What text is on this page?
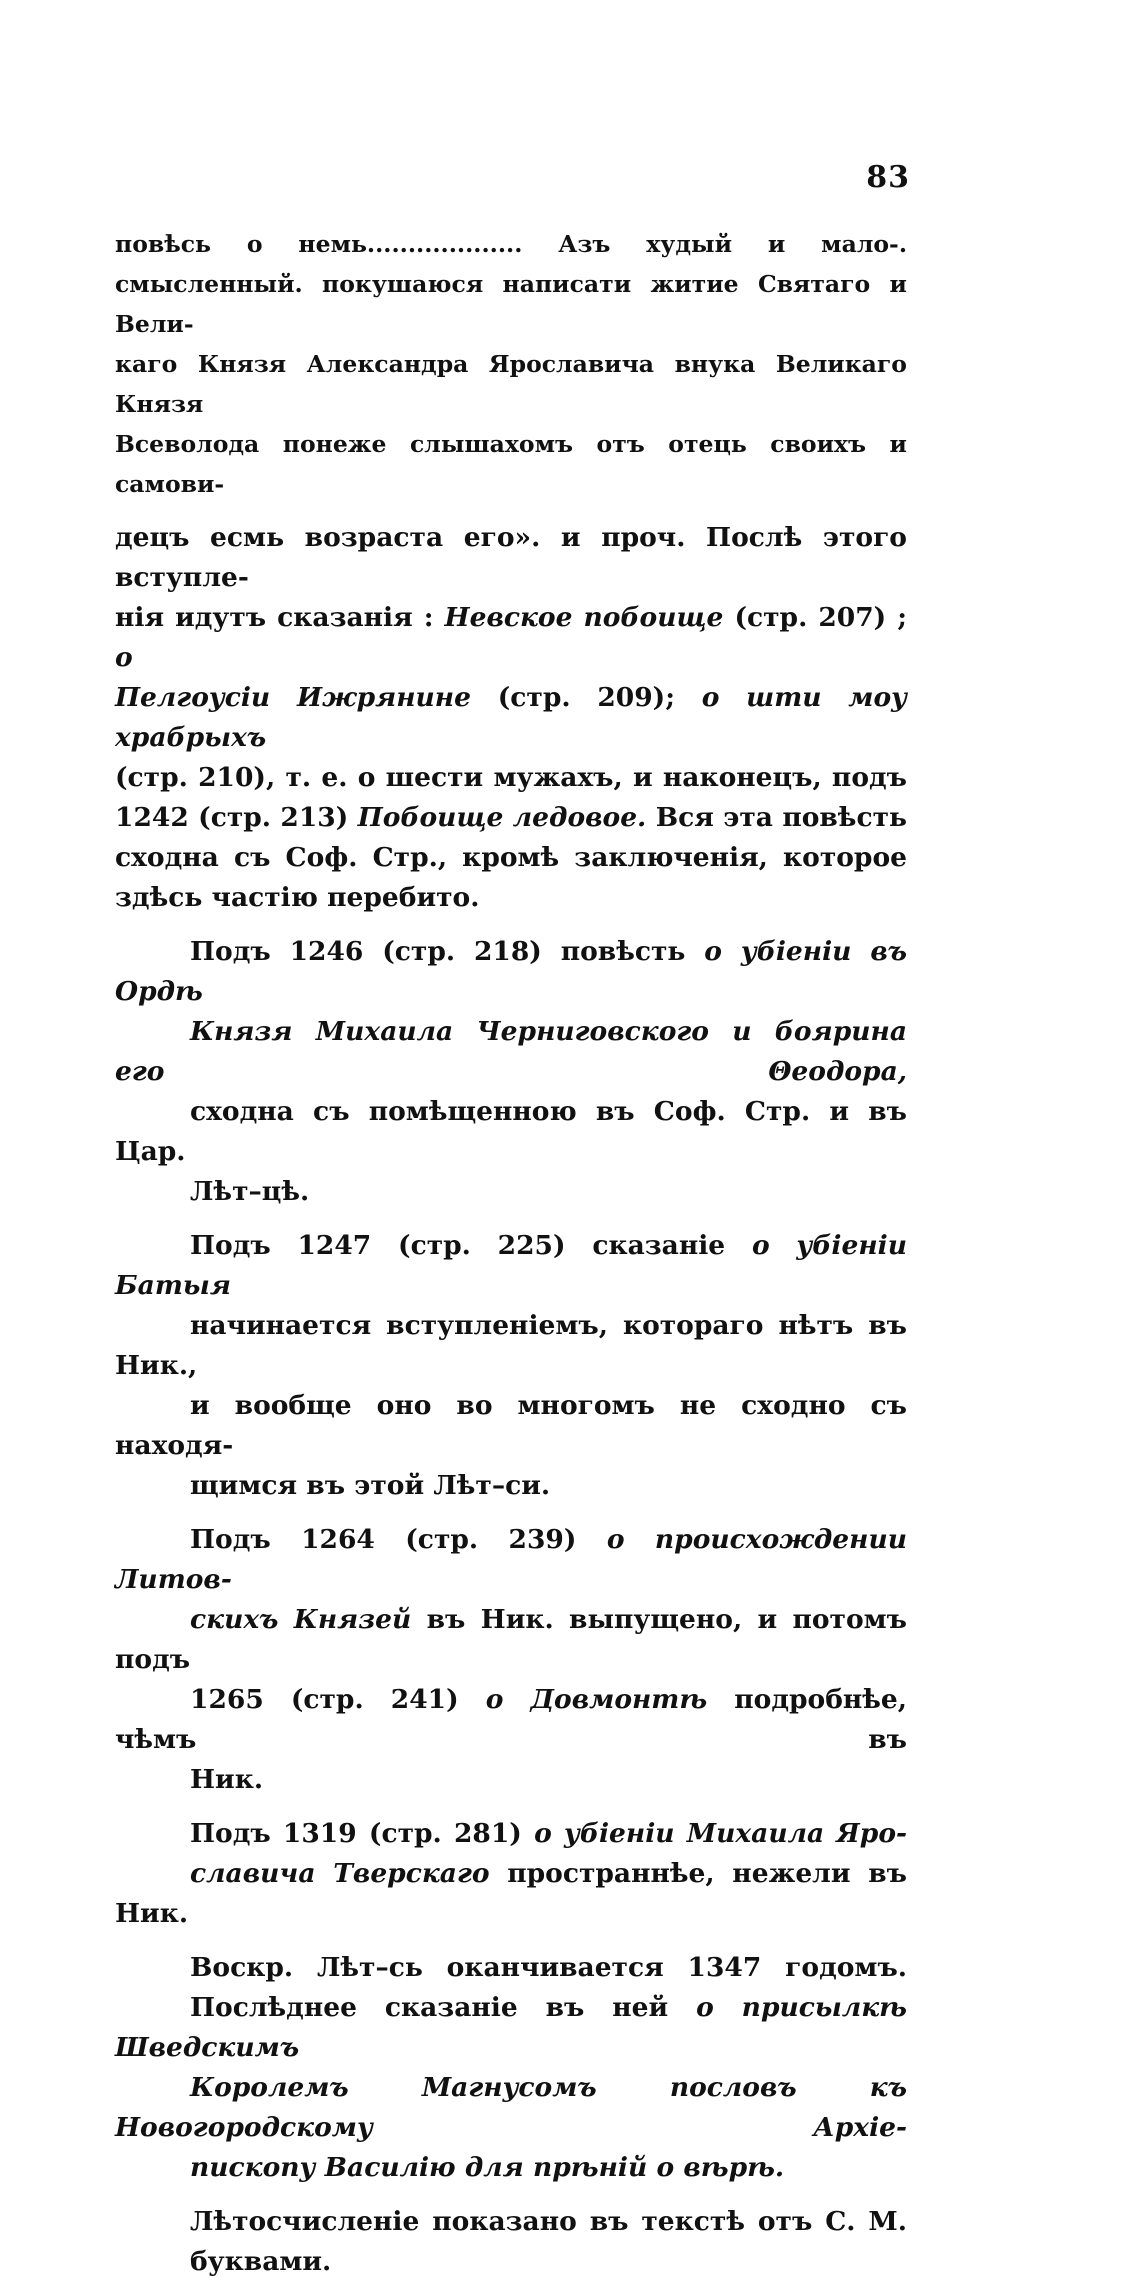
83

повѣсь о немь................... Азъ худый и мало-.
смысленный. покушаюся написати житие Святаго и Вели-
каго Князя Александра Ярославича внука Великаго Князя
Всеволода понеже слышахомъ отъ отець своихъ и самови-

децъ есмь возраста его». и проч. Послѣ этого вступле-
нія идутъ сказанія : Невское побоище (стр. 207) ; о
Пелгоусіи Ижрянине (стр. 209); о шти моу храбрыхъ
(стр. 210), т. е. о шести мужахъ, и наконецъ, подъ
1242 (стр. 213) Побоище ледовое. Вся эта повѣсть
сходна съ Соф. Стр., кромѣ заключенія, которое
здѣсь частію перебито.

Подъ 1246 (стр. 218) повѣсть о убіеніи въ Ордѣ
Князя Михаила Черниговского и боярина его Θеодора,
сходна съ помѣщенною въ Соф. Стр. и въ Цар.
Лѣт–цѣ.

Подъ 1247 (стр. 225) сказаніе о убіеніи Батыя
начинается вступленіемъ, котораго нѣтъ въ Ник.,
и вообще оно во многомъ не сходно съ находя-
щимся въ этой Лѣт–си.

Подъ 1264 (стр. 239) о происхождении Литов-
скихъ Князей въ Ник. выпущено, и потомъ подъ
1265 (стр. 241) о Довмонтѣ подробнѣе, чѣмъ въ
Ник.

Подъ 1319 (стр. 281) о убіеніи Михаила Яро-
славича Тверскаго пространнѣе, нежели въ Ник.

Воскр. Лѣт–сь оканчивается 1347 годомъ.
Послѣднее сказаніе въ ней о присылкѣ Шведскимъ
Королемъ Магнусомъ пословъ къ Новогородскому Архіе-
пископу Василію для прѣній о вѣрѣ.

Лѣтосчисленіе показано въ текстѣ отъ С. М.
буквами.
